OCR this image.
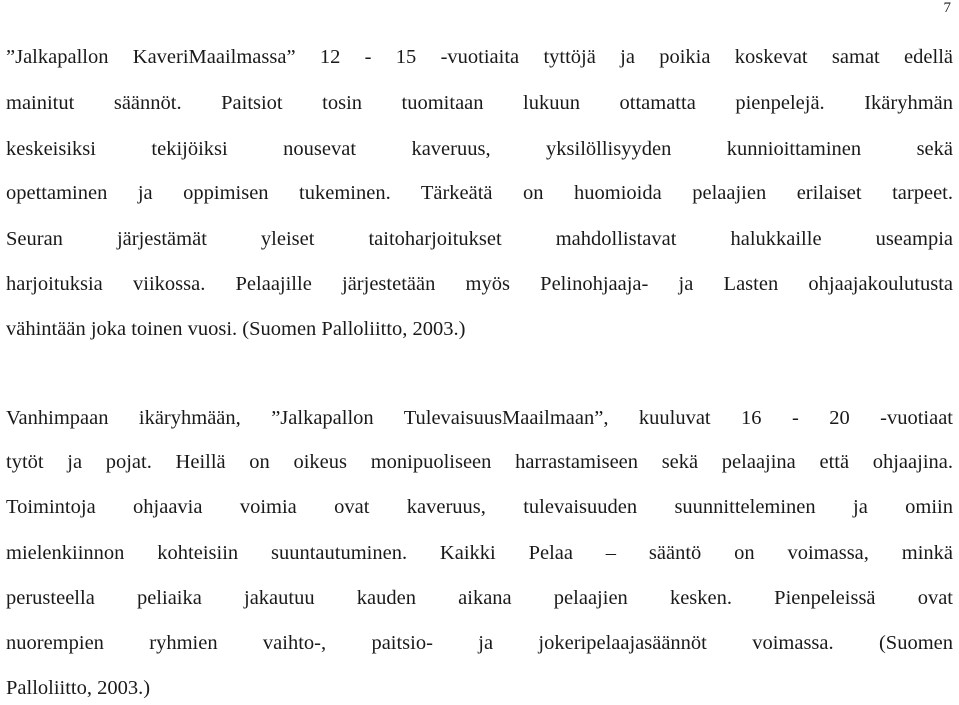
7
”Jalkapallon KaveriMaailmassa” 12 - 15 -vuotiaita tyttöjä ja poikia koskevat samat edellä
mainitut säännöt. Paitsiot tosin tuomitaan lukuun ottamatta pienpelejä. Ikäryhmän
keskeisiksi tekijöiksi nousevat kaveruus, yksilöllisyyden kunnioittaminen sekä
opettaminen ja oppimisen tukeminen. Tärkeätä on huomioida pelaajien erilaiset tarpeet.
Seuran järjestämät yleiset taitoharjoitukset mahdollistavat halukkaille useampia
harjoituksia viikossa. Pelaajille järjestetään myös Pelinohjaaja- ja Lasten ohjaajakoulutusta
vähintään joka toinen vuosi. (Suomen Palloliitto, 2003.)
Vanhimpaan ikäryhmään, ”Jalkapallon TulevaisuusMaailmaan”, kuuluvat 16 - 20 -vuotiaat
tytöt ja pojat. Heillä on oikeus monipuoliseen harrastamiseen sekä pelaajina että ohjaajina.
Toimintoja ohjaavia voimia ovat kaveruus, tulevaisuuden suunnitteleminen ja omiin
mielenkiinnon kohteisiin suuntautuminen. Kaikki Pelaa – sääntö on voimassa, minkä
perusteella peliaika jakautuu kauden aikana pelaajien kesken. Pienpeleissä ovat
nuorempien ryhmien vaihto-, paitsio- ja jokeripelaajasäännöt voimassa. (Suomen
Palloliitto, 2003.)
